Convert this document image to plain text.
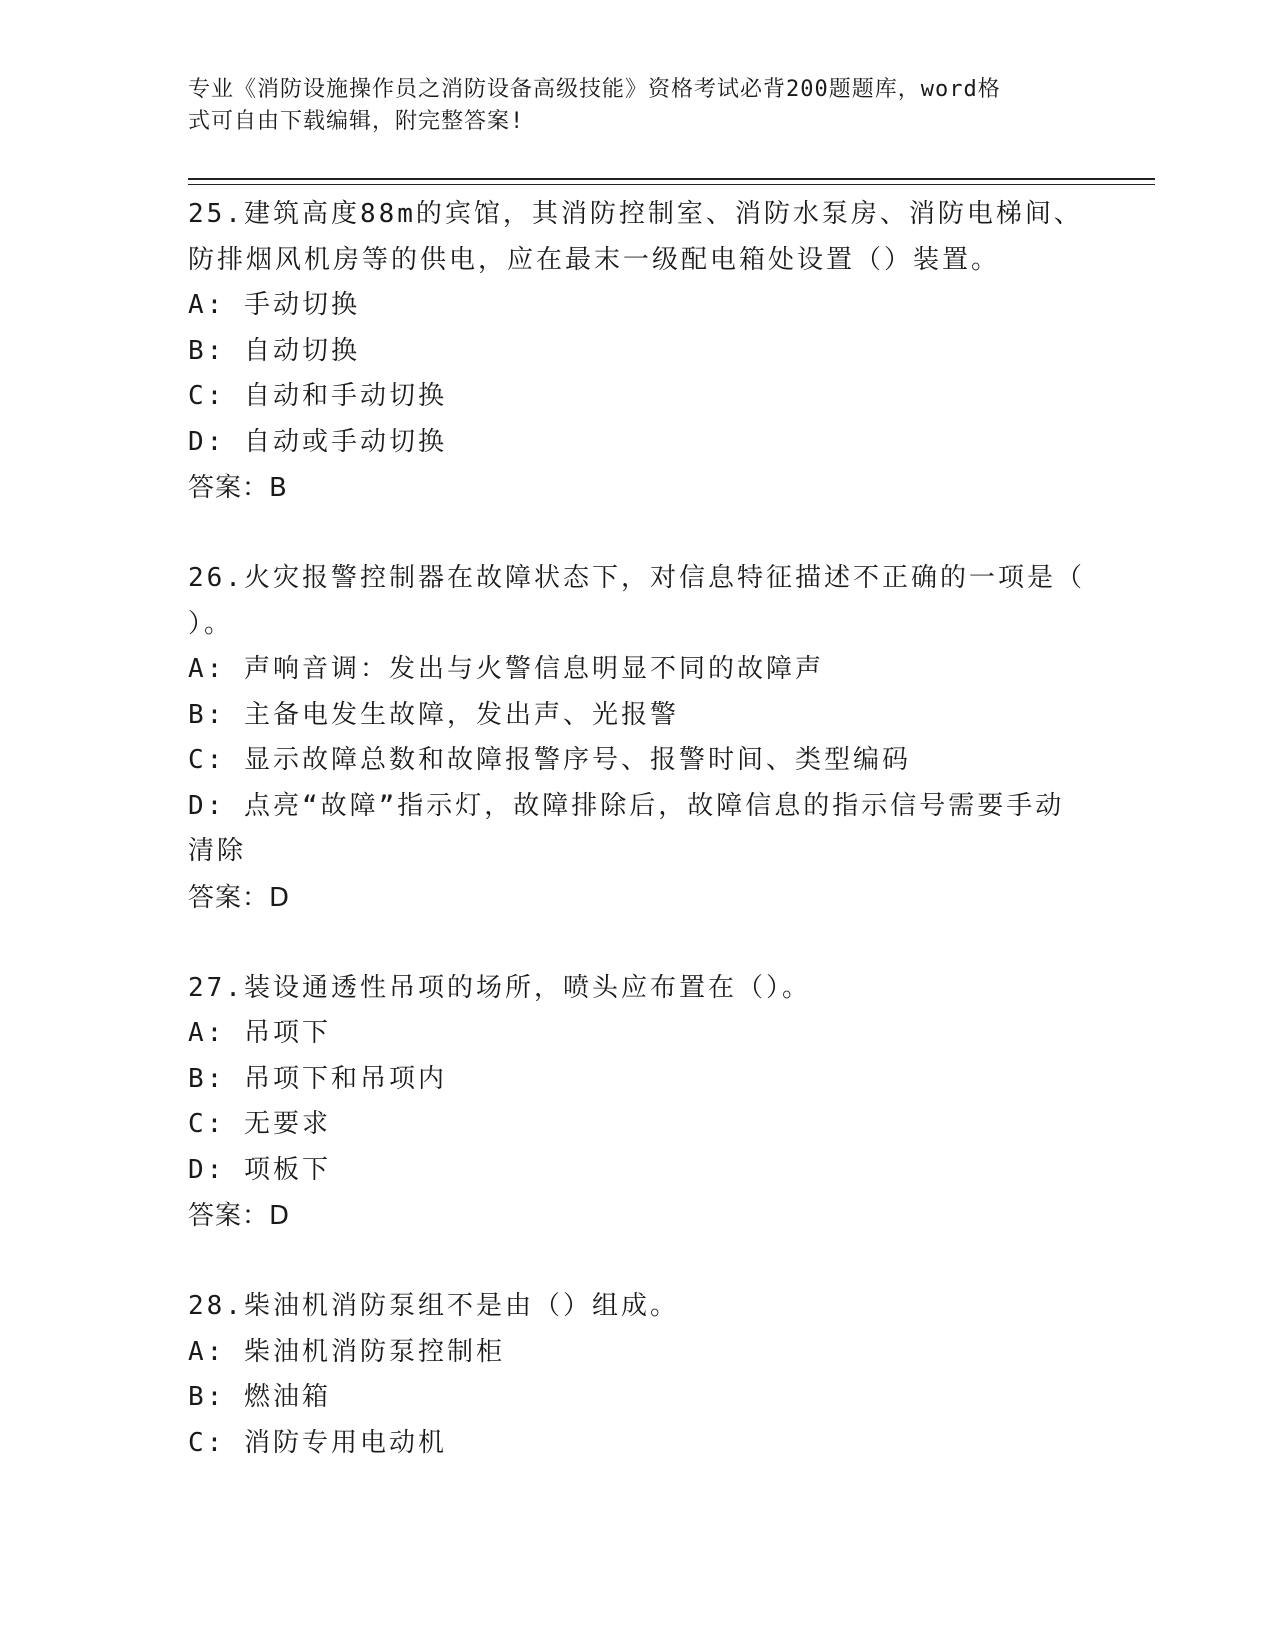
专业《消防设施操作员之消防设备高级技能》资格考试必背200题题库，word格
式可自由下载编辑，附完整答案!
25.建筑高度88m的宾馆，其消防控制室、消防水泵房、消防电梯间、
防排烟风机房等的供电，应在最末一级配电箱处设置（）装置。
A: 手动切换
B: 自动切换
C: 自动和手动切换
D: 自动或手动切换
答案：B
26.火灾报警控制器在故障状态下，对信息特征描述不正确的一项是（
）。
A: 声响音调：发出与火警信息明显不同的故障声
B: 主备电发生故障，发出声、光报警
C: 显示故障总数和故障报警序号、报警时间、类型编码
D: 点亮“故障”指示灯，故障排除后，故障信息的指示信号需要手动
清除
答案：D
27.装设通透性吊项的场所，喷头应布置在（）。
A: 吊项下
B: 吊项下和吊项内
C: 无要求
D: 项板下
答案：D
28.柴油机消防泵组不是由（）组成。
A: 柴油机消防泵控制柜
B: 燃油箱
C: 消防专用电动机
